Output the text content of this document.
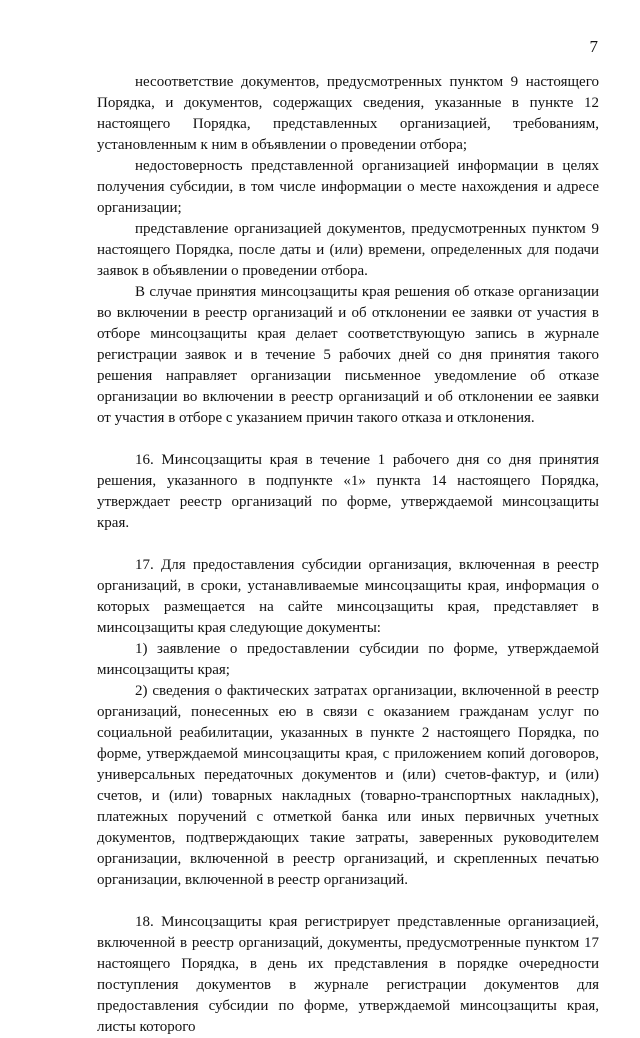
7

несоответствие документов, предусмотренных пунктом 9 настоящего Порядка, и документов, содержащих сведения, указанные в пункте 12 настоящего Порядка, представленных организацией, требованиям, установленным к ним в объявлении о проведении отбора;

недостоверность представленной организацией информации в целях получения субсидии, в том числе информации о месте нахождения и адресе организации;

представление организацией документов, предусмотренных пунктом 9 настоящего Порядка, после даты и (или) времени, определенных для подачи заявок в объявлении о проведении отбора.

В случае принятия минсоцзащиты края решения об отказе организации во включении в реестр организаций и об отклонении ее заявки от участия в отборе минсоцзащиты края делает соответствующую запись в журнале регистрации заявок и в течение 5 рабочих дней со дня принятия такого решения направляет организации письменное уведомление об отказе организации во включении в реестр организаций и об отклонении ее заявки от участия в отборе с указанием причин такого отказа и отклонения.

16. Минсоцзащиты края в течение 1 рабочего дня со дня принятия решения, указанного в подпункте «1» пункта 14 настоящего Порядка, утверждает реестр организаций по форме, утверждаемой минсоцзащиты края.

17. Для предоставления субсидии организация, включенная в реестр организаций, в сроки, устанавливаемые минсоцзащиты края, информация о которых размещается на сайте минсоцзащиты края, представляет в минсоцзащиты края следующие документы:

1) заявление о предоставлении субсидии по форме, утверждаемой минсоцзащиты края;

2) сведения о фактических затратах организации, включенной в реестр организаций, понесенных ею в связи с оказанием гражданам услуг по социальной реабилитации, указанных в пункте 2 настоящего Порядка, по форме, утверждаемой минсоцзащиты края, с приложением копий договоров, универсальных передаточных документов и (или) счетов-фактур, и (или) счетов, и (или) товарных накладных (товарно-транспортных накладных), платежных поручений с отметкой банка или иных первичных учетных документов, подтверждающих такие затраты, заверенных руководителем организации, включенной в реестр организаций, и скрепленных печатью организации, включенной в реестр организаций.

18. Минсоцзащиты края регистрирует представленные организацией, включенной в реестр организаций, документы, предусмотренные пунктом 17 настоящего Порядка, в день их представления в порядке очередности поступления документов в журнале регистрации документов для предоставления субсидии по форме, утверждаемой минсоцзащиты края, листы которого
